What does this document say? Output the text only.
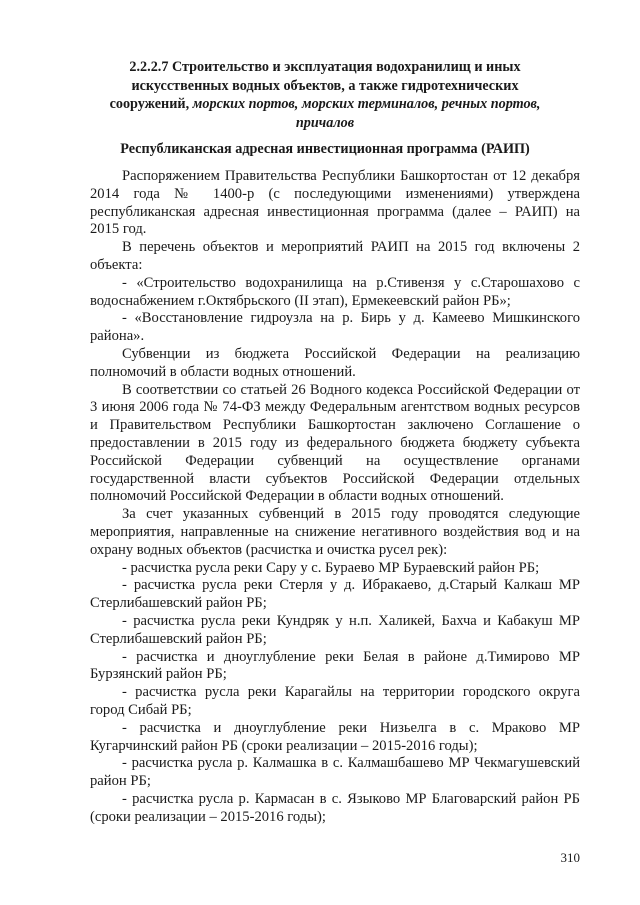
2.2.2.7 Строительство и эксплуатация водохранилищ и иных искусственных водных объектов, а также гидротехнических сооружений, морских портов, морских терминалов, речных портов, причалов
Республиканская адресная инвестиционная программа (РАИП)

Распоряжением Правительства Республики Башкортостан от 12 декабря 2014 года № 1400-р (с последующими изменениями) утверждена республиканская адресная инвестиционная программа (далее – РАИП) на 2015 год.

В перечень объектов и мероприятий РАИП на 2015 год включены 2 объекта:

- «Строительство водохранилища на р.Стивензя у с.Старошахово с водоснабжением г.Октябрьского (II этап), Ермекеевский район РБ»;

- «Восстановление гидроузла на р. Бирь у д. Камеево Мишкинского района».

Субвенции из бюджета Российской Федерации на реализацию полномочий в области водных отношений.

В соответствии со статьей 26 Водного кодекса Российской Федерации от 3 июня 2006 года № 74-ФЗ между Федеральным агентством водных ресурсов и Правительством Республики Башкортостан заключено Соглашение о предоставлении в 2015 году из федерального бюджета бюджету субъекта Российской Федерации субвенций на осуществление органами государственной власти субъектов Российской Федерации отдельных полномочий Российской Федерации в области водных отношений.

За счет указанных субвенций в 2015 году проводятся следующие мероприятия, направленные на снижение негативного воздействия вод и на охрану водных объектов (расчистка и очистка русел рек):

- расчистка русла реки Сару у с. Бураево МР Бураевский район РБ;

- расчистка русла реки Стерля у д. Ибракаево, д.Старый Калкаш МР Стерлибашевский район РБ;

- расчистка русла реки Кундряк у н.п. Халикей, Бахча и Кабакуш МР Стерлибашевский район РБ;

- расчистка и дноуглубление реки Белая в районе д.Тимирово МР Бурзянский район РБ;

- расчистка русла реки Карагайлы на территории городского округа город Сибай РБ;

- расчистка и дноуглубление реки Низьелга в с. Мраково МР Кугарчинский район РБ (сроки реализации – 2015-2016 годы);

- расчистка русла р. Калмашка в с. Калмашбашево МР Чекмагушевский район РБ;

- расчистка русла р. Кармасан в с. Языково МР Благоварский район РБ (сроки реализации – 2015-2016 годы);

310
